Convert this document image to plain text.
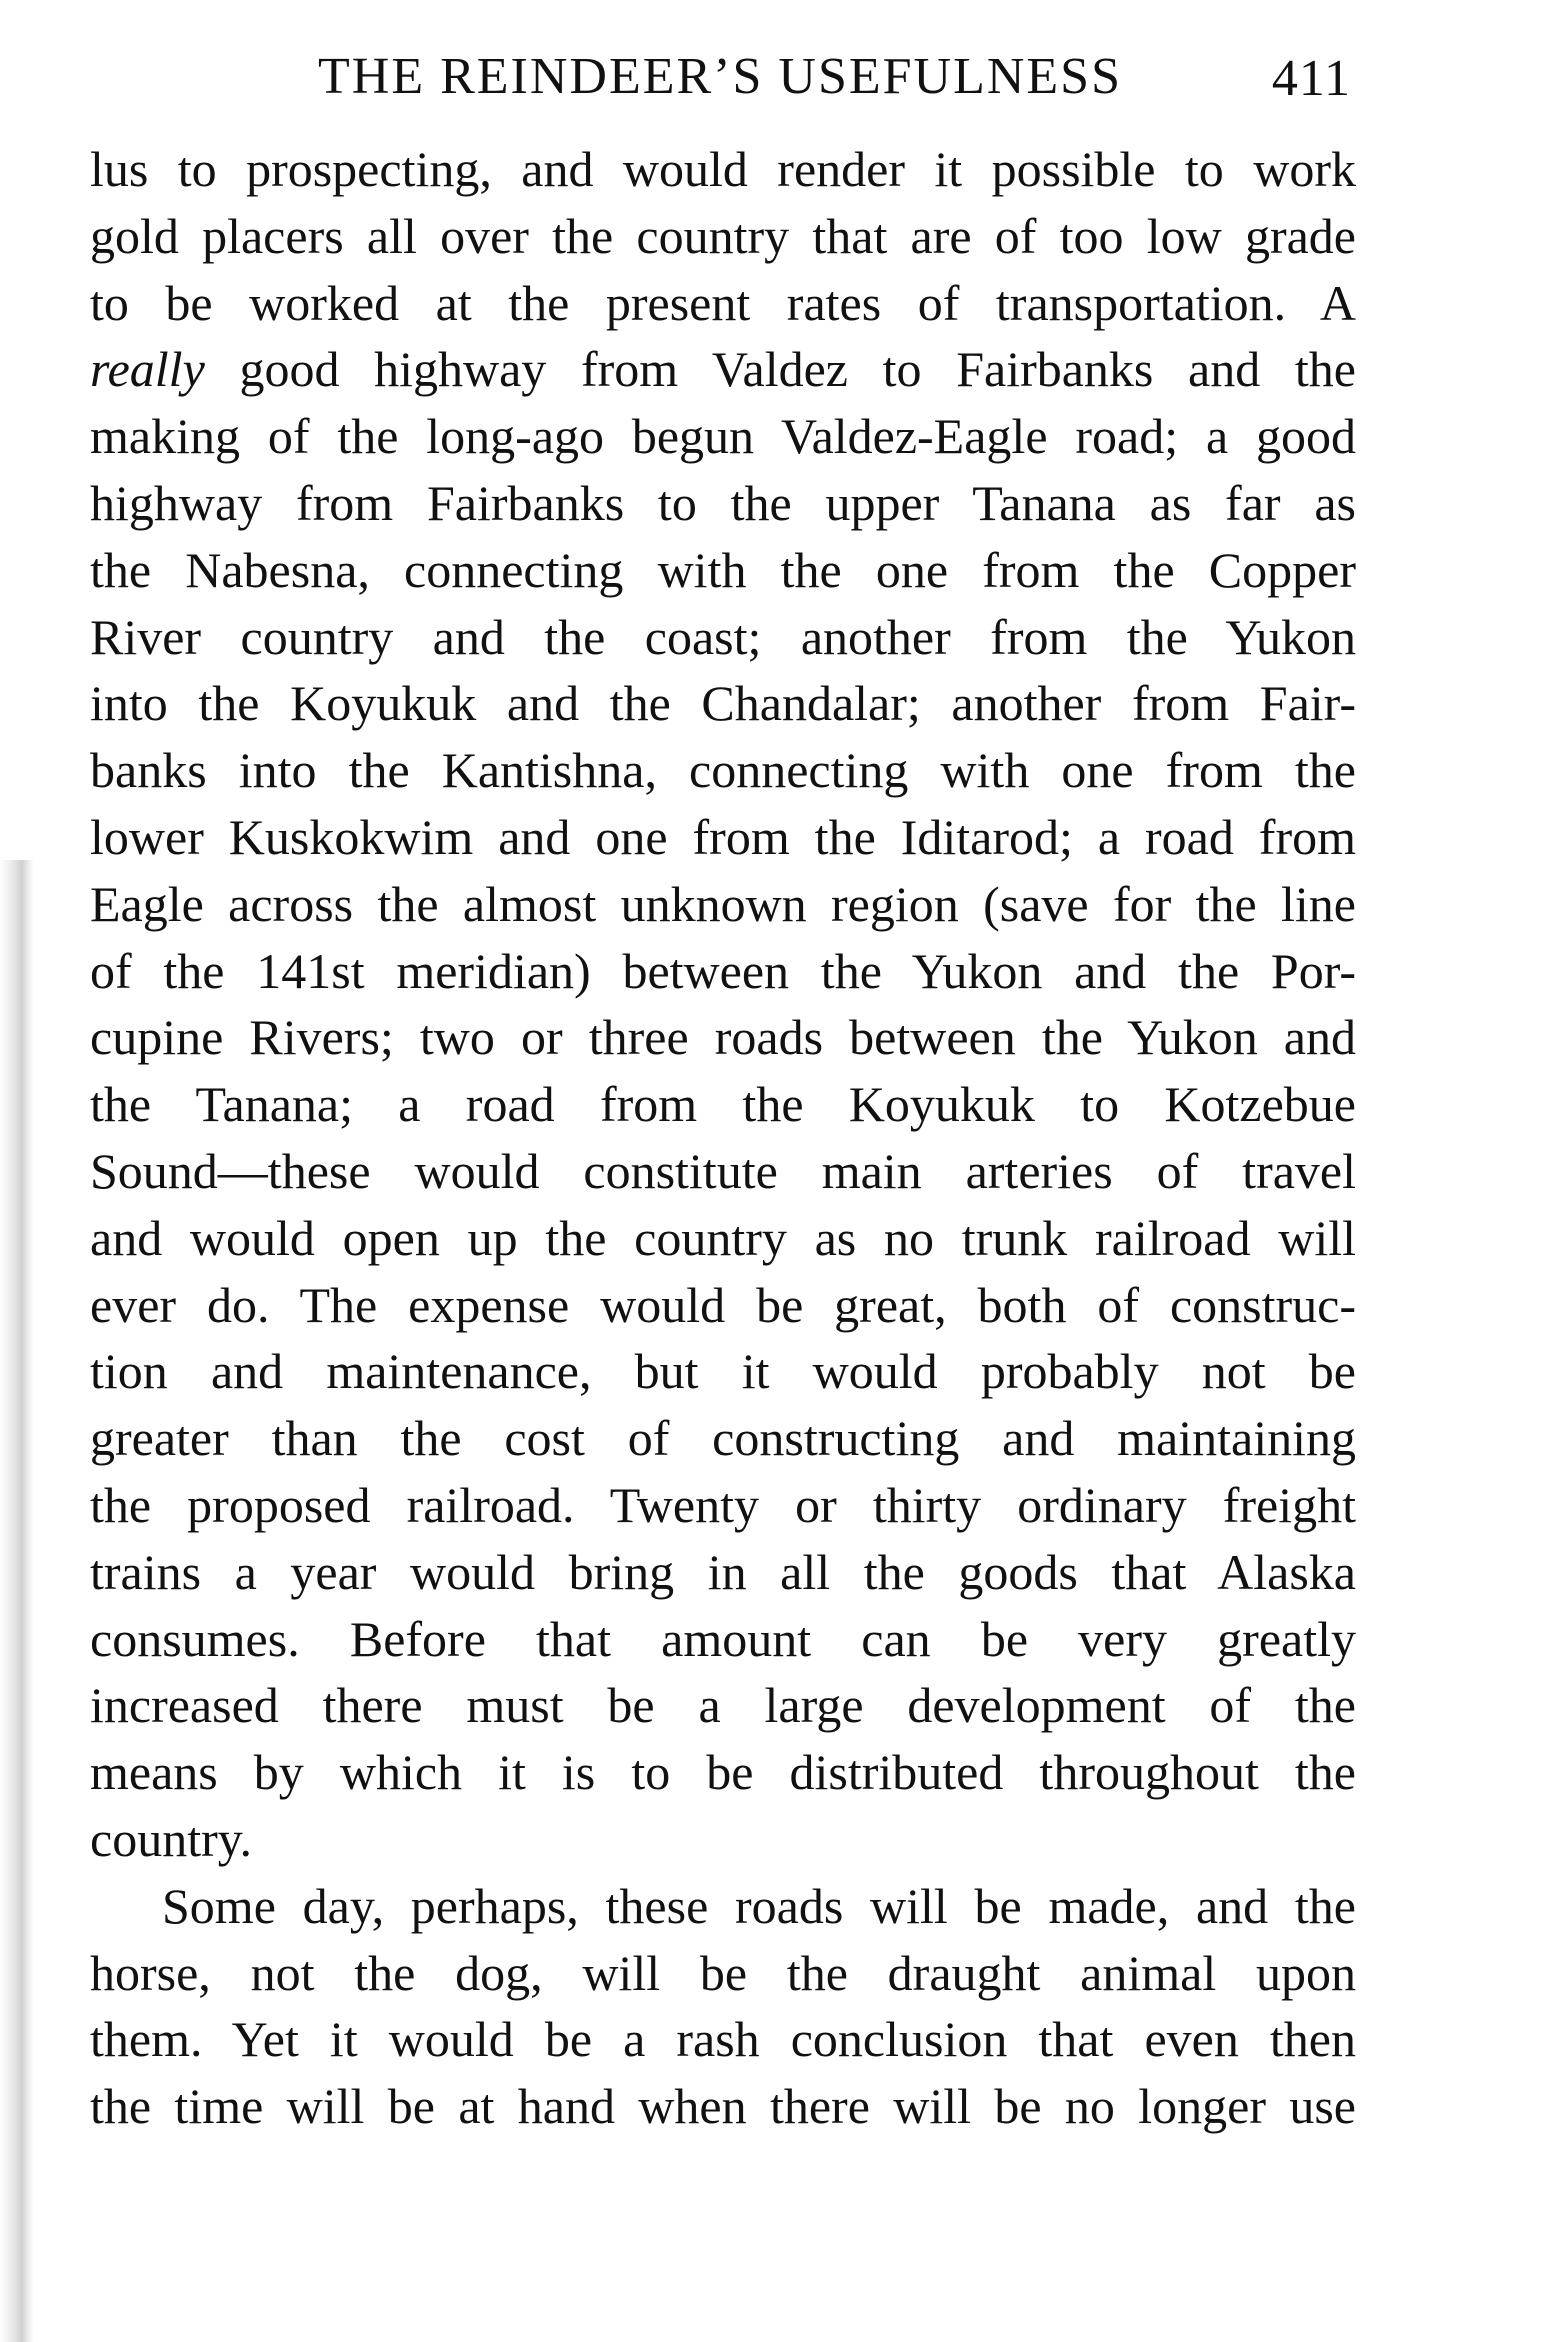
THE REINDEER’S USEFULNESS	411
lus to prospecting, and would render it possible to work
gold placers all over the country that are of too low grade
to be worked at the present rates of transportation. A
really good highway from Valdez to Fairbanks and the
making of the long-ago begun Valdez-Eagle road; a good
highway from Fairbanks to the upper Tanana as far as
the Nabesna, connecting with the one from the Copper
River country and the coast; another from the Yukon
into the Koyukuk and the Chandalar; another from Fair-
banks into the Kantishna, connecting with one from the
lower Kuskokwim and one from the Iditarod; a road from
Eagle across the almost unknown region (save for the line
of the 141st meridian) between the Yukon and the Por-
cupine Rivers; two or three roads between the Yukon and
the Tanana; a road from the Koyukuk to Kotzebue
Sound—these would constitute main arteries of travel
and would open up the country as no trunk railroad will
ever do. The expense would be great, both of construc-
tion and maintenance, but it would probably not be
greater than the cost of constructing and maintaining
the proposed railroad. Twenty or thirty ordinary freight
trains a year would bring in all the goods that Alaska
consumes. Before that amount can be very greatly
increased there must be a large development of the
means by which it is to be distributed throughout the
country.
Some day, perhaps, these roads will be made, and the
horse, not the dog, will be the draught animal upon
them. Yet it would be a rash conclusion that even then
the time will be at hand when there will be no longer use
